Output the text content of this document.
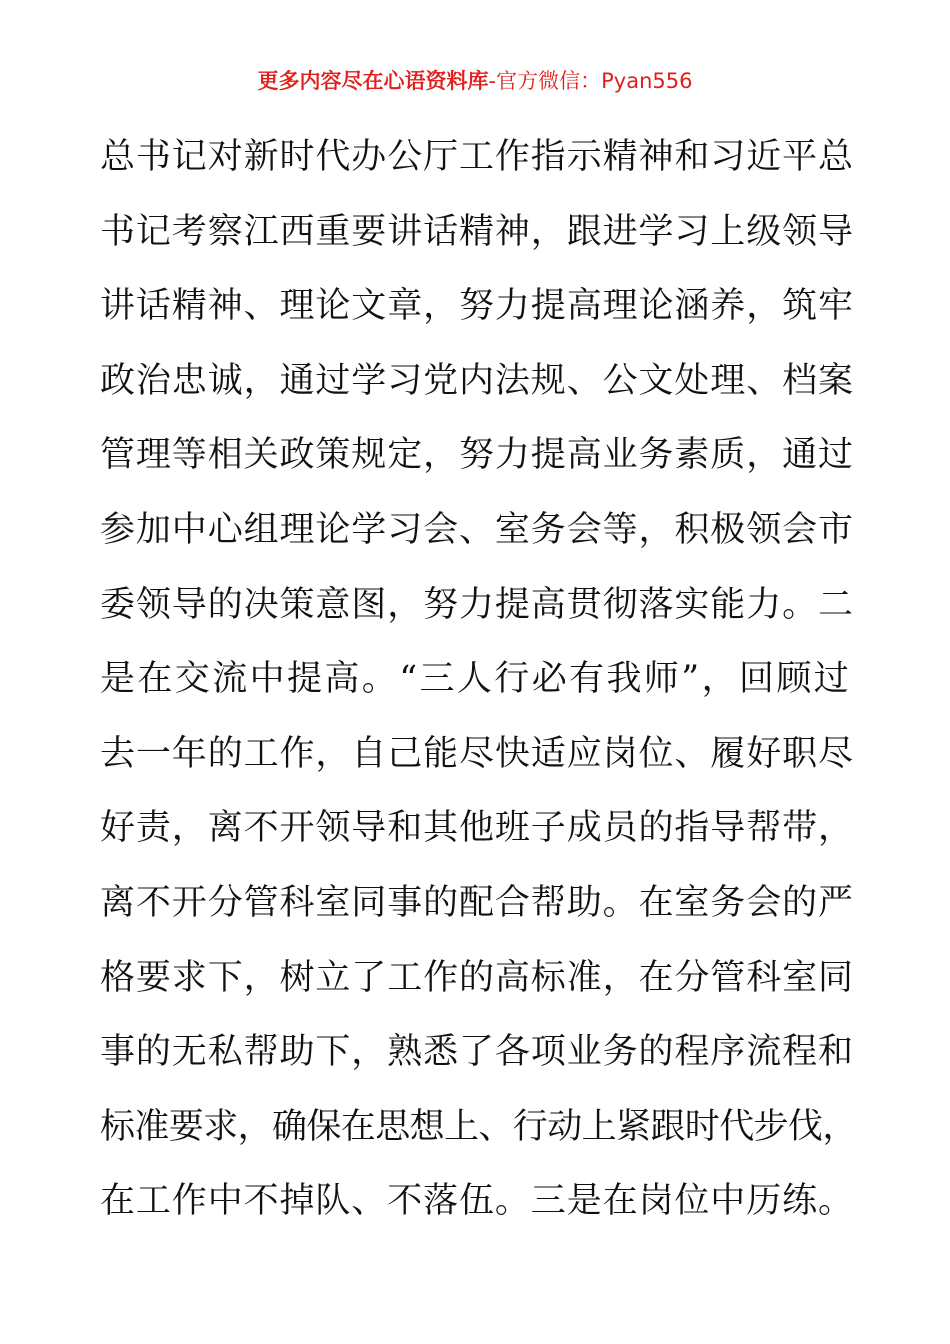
更多内容尽在心语资料库-官方微信：Pyan556
总书记对新时代办公厅工作指示精神和习近平总
书记考察江西重要讲话精神，跟进学习上级领导
讲话精神、理论文章，努力提高理论涵养，筑牢
政治忠诚，通过学习党内法规、公文处理、档案
管理等相关政策规定，努力提高业务素质，通过
参加中心组理论学习会、室务会等，积极领会市
委领导的决策意图，努力提高贯彻落实能力。二
是在交流中提高。“三人行必有我师”，回顾过
去一年的工作，自己能尽快适应岗位、履好职尽
好责，离不开领导和其他班子成员的指导帮带，
离不开分管科室同事的配合帮助。在室务会的严
格要求下，树立了工作的高标准，在分管科室同
事的无私帮助下，熟悉了各项业务的程序流程和
标准要求，确保在思想上、行动上紧跟时代步伐，
在工作中不掉队、不落伍。三是在岗位中历练。
